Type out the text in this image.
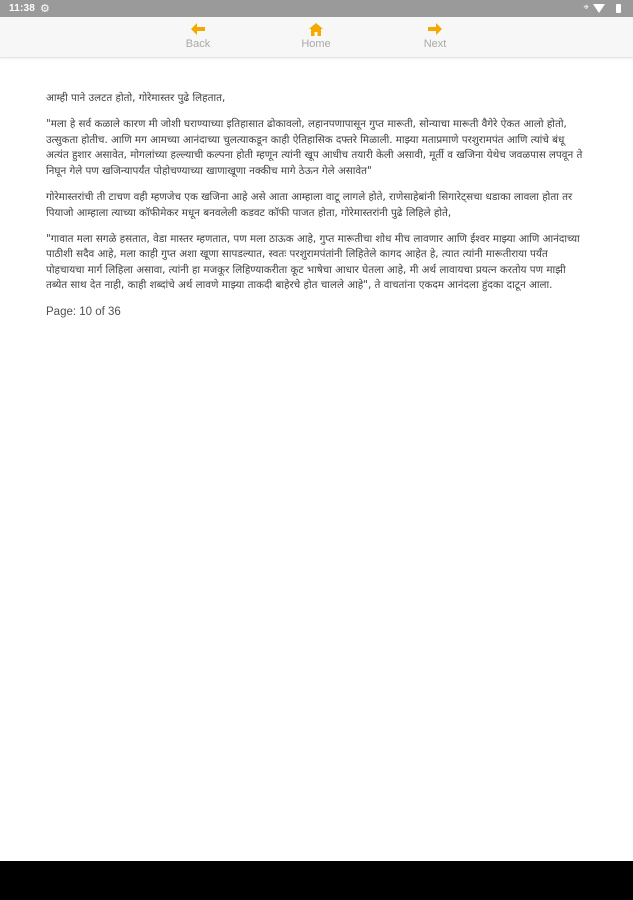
11:38 ⚙	⌖
Back	Home	Next

आम्ही पाने उलटत होतो, गोरेमास्तर पुढे लिहतात,

"मला हे सर्व कळाले कारण मी जोशी घराण्याच्या इतिहासात ढोकावलो, लहानपणापासून गुप्त मारूती, सोन्याचा मारूती वैगेरे ऐकत आलो होतो, उत्सुकता होतीच. आणि मग आमच्या आनंदाच्या चुलत्याकडून काही ऐतिहासिक दफ्तरे मिळाली. माझ्या मताप्रमाणे परशुरामपंत आणि त्यांचे बंधू अत्यंत हुशार असावेत, मोगलांच्या हल्ल्याची कल्पना होती म्हणून त्यांनी खूप आधीच तयारी केली असावी, मूर्ती व खजिना येथेच जवळपास लपवून ते निघून गेले पण खजिन्यापर्यंत पोहोचण्याच्या खाणाखूणा नक्कीच मागे ठेऊन गेले असावेत"

गोरेमास्तरांची ती टाचण वही म्हणजेच एक खजिना आहे असे आता आम्हाला वाटू लागले होते, राणेसाहेबांनी सिगारेट्सचा धडाका लावला होता तर पियाजो आम्हाला त्याच्या कॉफीमेकर मधून बनवलेली कडवट कॉफी पाजत होता, गोरेमास्तरांनी पुढे लिहिले होते,

"गावात मला सगळे हसतात, वेडा मास्तर म्हणतात, पण मला ठाऊक आहे, गुप्त मारूतीचा शोध मीच लावणार आणि ईश्वर माझ्या आणि आनंदाच्या पाठीशी सदैव आहे, मला काही गुप्त अशा खूणा सापडल्यात, स्वतः परशुरामपंतांनी लिहितेले कागद आहेत हे, त्यात त्यांनी मारूतीराया पर्यंत पोहचायचा मार्ग लिहिला असावा, त्यांनी हा मजकूर लिहिण्याकरीता कूट भाषेचा आधार घेतला आहे, मी अर्थ लावायचा प्रयत्न करतोय पण माझी तब्येत साथ देत नाही, काही शब्दांचे अर्थ लावणे माझ्या ताकदी बाहेरचे होत चालले आहे", ते वाचतांना एकदम आनंदला हुंदका दाटून आला.

Page: 10 of 36
